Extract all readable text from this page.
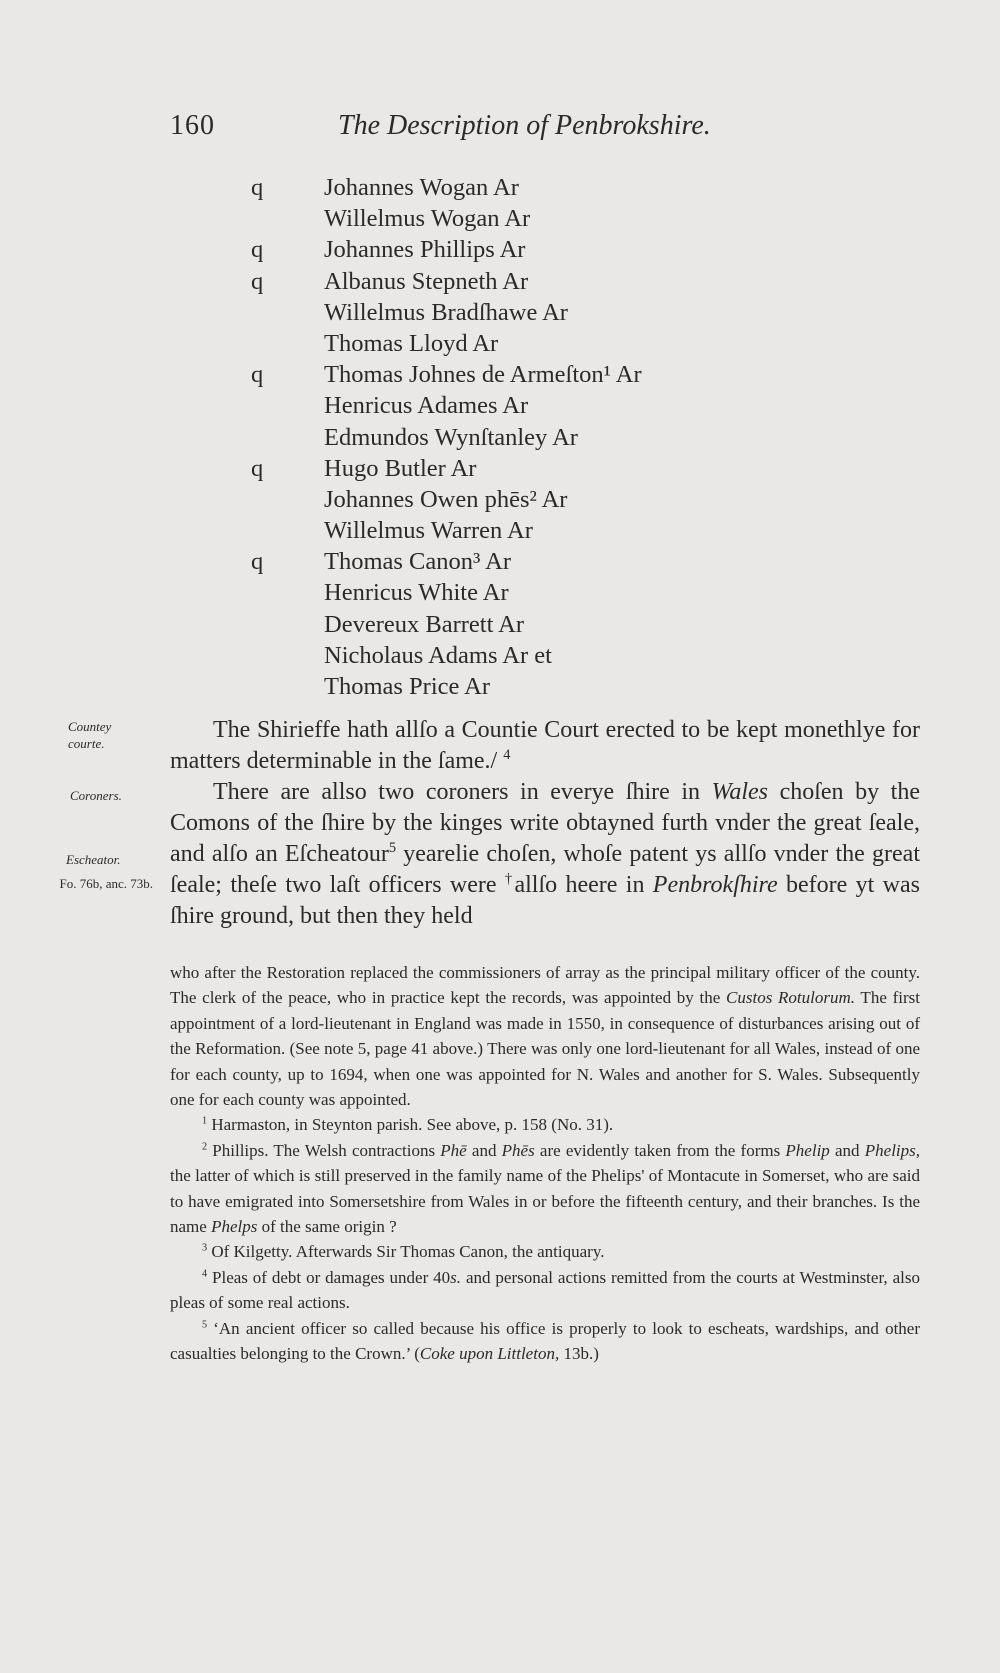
160	The Description of Penbrokshire.
q Johannes Wogan Ar
Willelmus Wogan Ar
q Johannes Phillips Ar
q Albanus Stepneth Ar
Willelmus Bradſhawe Ar
Thomas Lloyd Ar
q Thomas Johnes de Armeſton¹ Ar
Henricus Adames Ar
Edmundos Wynſtanley Ar
q Hugo Butler Ar
Johannes Owen phēs² Ar
Willelmus Warren Ar
q Thomas Canon³ Ar
Henricus White Ar
Devereux Barrett Ar
Nicholaus Adams Ar et
Thomas Price Ar
Countey courte.
Coroners.
Escheator.
Fo. 76b, anc. 73b.

The Shirieffe hath allſo a Countie Court erected to be kept monethlye for matters determinable in the ſame./ $^4$

There are allso two coroners in everye ſhire in Wales choſen by the Comons of the ſhire by the kinges write obtayned furth vnder the great ſeale, and alſo an Eſcheatour$^5$ yearelie choſen, whoſe patent ys allſo vnder the great ſeale; theſe two laſt officers were †allſo heere in Penbrokſhire before yt was ſhire ground, but then they held

who after the Restoration replaced the commissioners of array as the principal military officer of the county. The clerk of the peace, who in practice kept the records, was appointed by the Custos Rotulorum. The first appointment of a lord-lieutenant in England was made in 1550, in consequence of disturbances arising out of the Reformation. (See note 5, page 41 above.) There was only one lord-lieutenant for all Wales, instead of one for each county, up to 1694, when one was appointed for N. Wales and another for S. Wales. Subsequently one for each county was appointed.

$^1$ Harmaston, in Steynton parish. See above, p. 158 (No. 31).

$^2$ Phillips. The Welsh contractions Phē and Phēs are evidently taken from the forms Phelip and Phelips, the latter of which is still preserved in the family name of the Phelips' of Montacute in Somerset, who are said to have emigrated into Somersetshire from Wales in or before the fifteenth century, and their branches. Is the name Phelps of the same origin ?

$^3$ Of Kilgetty. Afterwards Sir Thomas Canon, the antiquary.

$^4$ Pleas of debt or damages under 40s. and personal actions remitted from the courts at Westminster, also pleas of some real actions.

$^5$ ‘An ancient officer so called because his office is properly to look to escheats, wardships, and other casualties belonging to the Crown.’ (Coke upon Littleton, 13b.)
